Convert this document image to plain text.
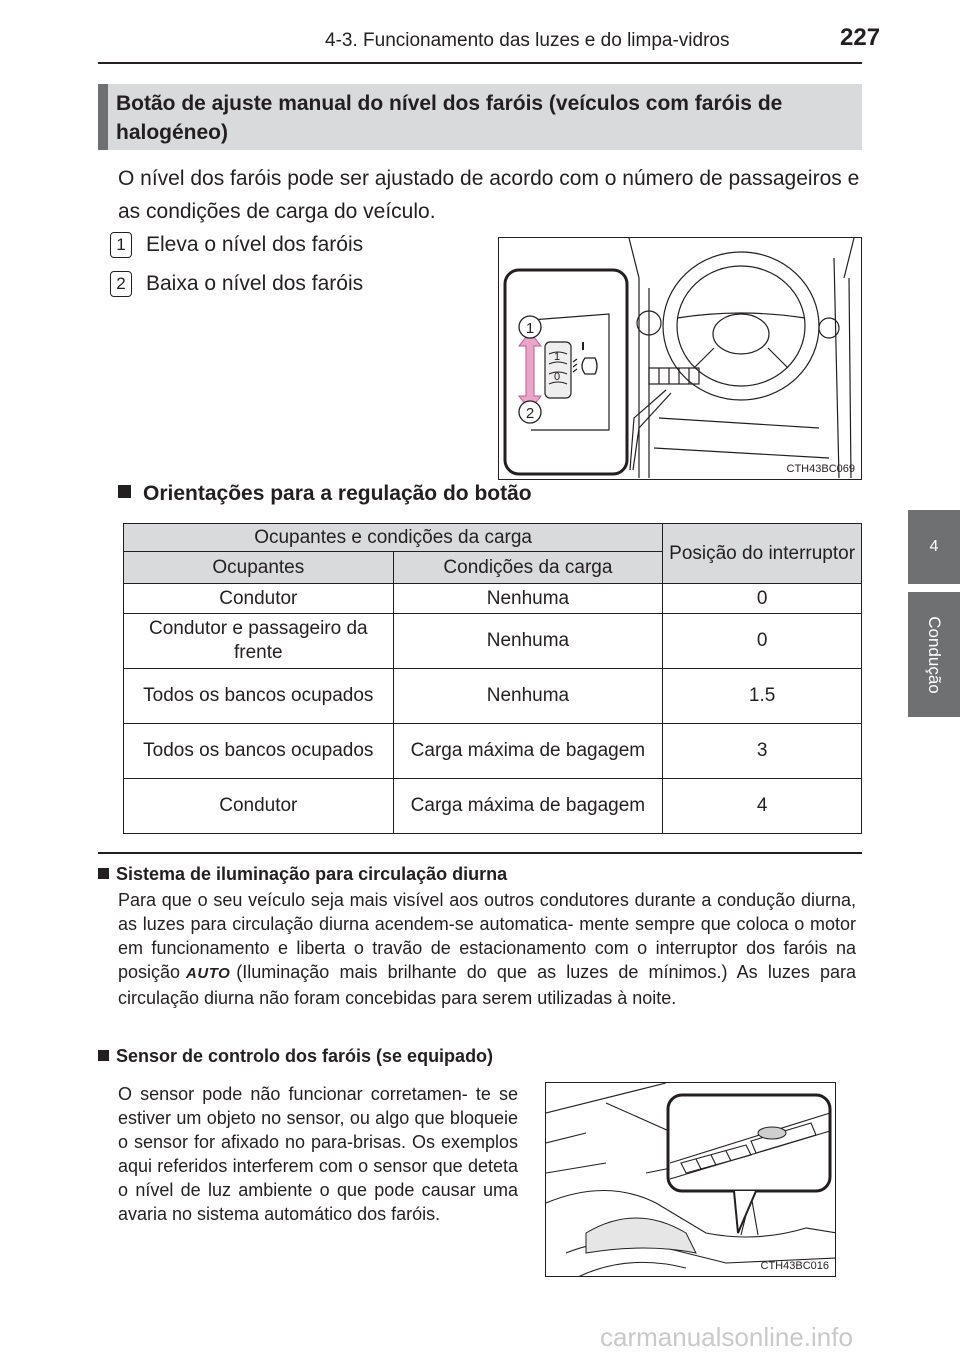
4-3. Funcionamento das luzes e do limpa-vidros	227
4
Condução
Botão de ajuste manual do nível dos faróis (veículos com faróis de halogéneo)
O nível dos faróis pode ser ajustado de acordo com o número de passageiros e as condições de carga do veículo.
1 Eleva o nível dos faróis
2 Baixa o nível dos faróis
1
0
1
2
CTH43BC069
Orientações para a regulação do botão
Ocupantes e condições da carga		Posição do interruptor
Ocupantes	Condições da carga	
Condutor	Nenhuma	0
Condutor e passageiro da frente	Nenhuma	0
Todos os bancos ocupados	Nenhuma	1.5
Todos os bancos ocupados	Carga máxima de bagagem	3
Condutor	Carga máxima de bagagem	4
Sistema de iluminação para circulação diurna
Para que o seu veículo seja mais visível aos outros condutores durante a condução diurna, as luzes para circulação diurna acendem-se automatica- mente sempre que coloca o motor em funcionamento e liberta o travão de estacionamento com o interruptor dos faróis na posição AUTO (Iluminação mais brilhante do que as luzes de mínimos.) As luzes para circulação diurna não foram concebidas para serem utilizadas à noite.
Sensor de controlo dos faróis (se equipado)
O sensor pode não funcionar corretamen- te se estiver um objeto no sensor, ou algo que bloqueie o sensor for afixado no para-brisas. Os exemplos aqui referidos interferem com o sensor que deteta o nível de luz ambiente o que pode causar uma avaria no sistema automático dos faróis.
CTH43BC016
carmanualsonline.info
